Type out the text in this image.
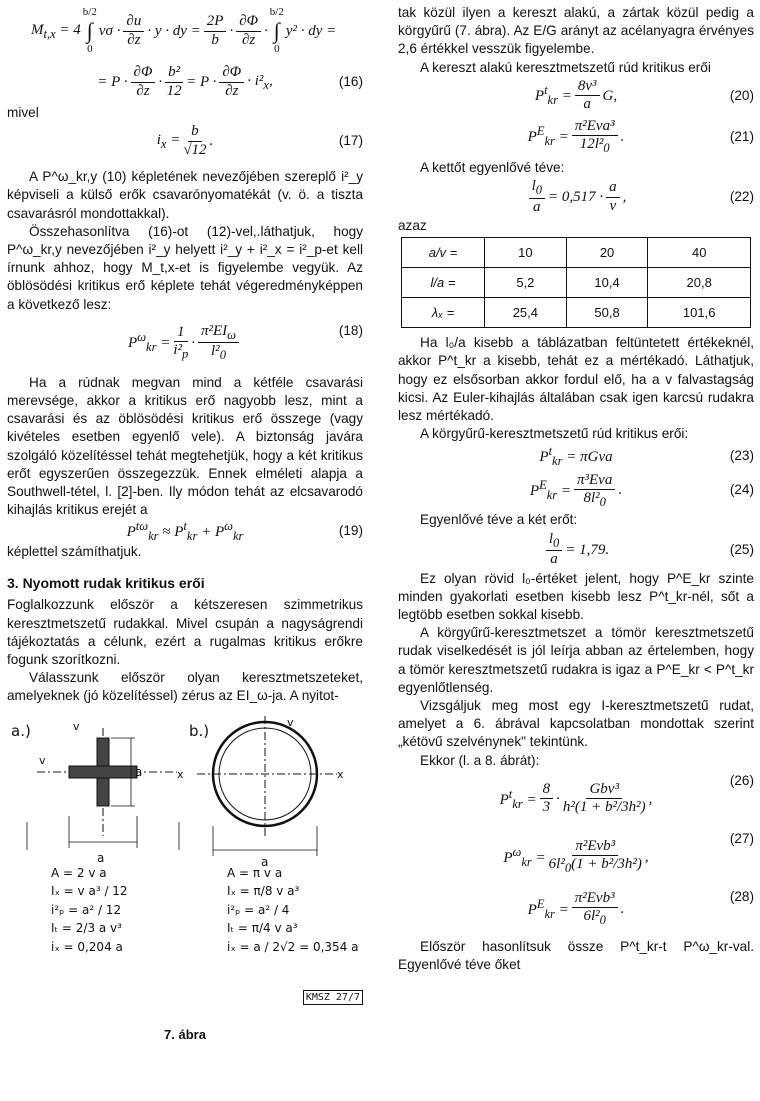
$M_{t,x} = 4$
b/2
∫
0
$v\sigma \cdot \frac{\partial u}{\partial z} \cdot y$ · dy = $\frac{2P}{b} \cdot \frac{\partial\Phi}{\partial z}$ ·
b/2
∫
0
y² · dy =
= $P \cdot \frac{\partial\Phi}{\partial z} \cdot \frac{\text{b²}}{12} = P \cdot \frac{\partial\Phi}{\partial z} \cdot i^2_x$,	(16)

mivel

$i_x = \frac{b}{√12}$ .	(17)

A P^ω_kr,y (10) képletének nevezőjében szereplő i²_y képviseli a külső erők csavarónyomatékát (v. ö. a tiszta csavarásról mondottakkal).

Összehasonlítva (16)-ot (12)-vel,.láthatjuk, hogy P^ω_kr,y nevezőjében i²_y helyett i²_y + i²_x = i²_p-et kell írnunk ahhoz, hogy M_t,x-et is figyelembe vegyük. Az öblösödési kritikus erő képlete tehát végeredményképpen a következő lesz:

$P^\omega_{kr} = \frac{1}{i^2_p} \cdot \frac{\pi^2EI_\omega}{l^2_0}$	(18)

Ha a rúdnak megvan mind a kétféle csavarási merevsége, akkor a kritikus erő nagyobb lesz, mint a csavarási és az öblösödési kritikus erő összege (vagy kivételes esetben egyenlő vele). A biztonság javára szolgáló közelítéssel tehát megtehetjük, hogy a két kritikus erőt egyszerűen összegezzük. Ennek elméleti alapja a Southwell-tétel, l. [2]-ben. Ily módon tehát az elcsavarodó kihajlás kritikus erejét a

$P^{t\omega}_{kr} \approx P^t_{kr} + P^\omega_{kr}$	(19)

képlettel számíthatjuk.

3. Nyomott rudak kritikus erői

Foglalkozzunk először a kétszeresen szimmetrikus keresztmetszetű rudakkal. Mivel csupán a nagyságrendi tájékoztatás a célunk, ezért a rugalmas kritikus erőkre fogunk szorítkozni.

Válasszunk először olyan keresztmetszeteket, amelyeknek (jó közelítéssel) zérus az EI_ω-ja. A nyitot-

a.)
a
a
v
v
x
b.)
a
v
x
A = 2 v a
Iₓ = v a³ / 12
i²ₚ = a² / 12
Iₜ = 2/3 a v³
iₓ = 0,204 a
A = π v a
Iₓ = π/8 v a³
i²ₚ = a² / 4
Iₜ = π/4 v a³
iₓ = a / 2√2 = 0,354 a
KMSZ 27/7
7. ábra

tak közül ilyen a kereszt alakú, a zártak közül pedig a körgyűrű (7. ábra). Az E/G arányt az acélanyagra érvényes 2,6 értékkel vesszük figyelembe.

A kereszt alakú keresztmetszetű rúd kritikus erői

$P^t_{kr} = \frac{\text{8v³}}{a} G$,	(20)
$P^E_{kr} = \frac{\text{π²Eva³}}{12l^2_0}$ .	(21)

A kettőt egyenlővé téve:

$\frac{l_0}{a} = 0,517 \cdot \frac{a}{v}$ ,	(22)

azaz

a/v =	10	20	40
l/a =	5,2	10,4	20,8
λₓ =	25,4	50,8	101,6

Ha l₀/a kisebb a táblázatban feltüntetett értékeknél, akkor P^t_kr a kisebb, tehát ez a mértékadó. Láthatjuk, hogy ez elsősorban akkor fordul elő, ha a v falvastagság kicsi. Az Euler-kihajlás általában csak igen karcsú rudakra lesz mértékadó.

A körgyűrű-keresztmetszetű rúd kritikus erői:

$P^t_{kr} = \pi Gva$	(23)
$P^E_{kr} = \frac{\text{π³Eva}}{8l^2_0}$ .	(24)

Egyenlővé téve a két erőt:

$\frac{l_0}{a} = 1,79$.	(25)

Ez olyan rövid l₀-értéket jelent, hogy P^E_kr szinte minden gyakorlati esetben kisebb lesz P^t_kr-nél, sőt a legtöbb esetben sokkal kisebb.

A körgyűrű-keresztmetszet a tömör keresztmetszetű rudak viselkedését is jól leírja abban az értelemben, hogy a tömör keresztmetszetű rudakra is igaz a P^E_kr < P^t_kr egyenlőtlenség.

Vizsgáljuk meg most egy I-keresztmetszetű rudat, amelyet a 6. ábrával kapcsolatban mondottak szerint „kétövű szelvénynek" tekintünk.

Ekkor (l. a 8. ábrát):

$P^t_{kr} = \frac{8}{3} \cdot \frac{\text{Gbv³}}{\text{h²(1 + b²/3h²)}}$ ,
(26)
$P^\omega_{kr} = \frac{\text{π²Evb³}}{6l^2_0(1 + b^2/3h^2)}$ ,
(27)
$P^E_{kr} = \frac{\text{π²Evb³}}{6l^2_0}$ .
(28)

Először hasonlítsuk össze P^t_kr-t P^ω_kr-val. Egyenlővé téve őket
